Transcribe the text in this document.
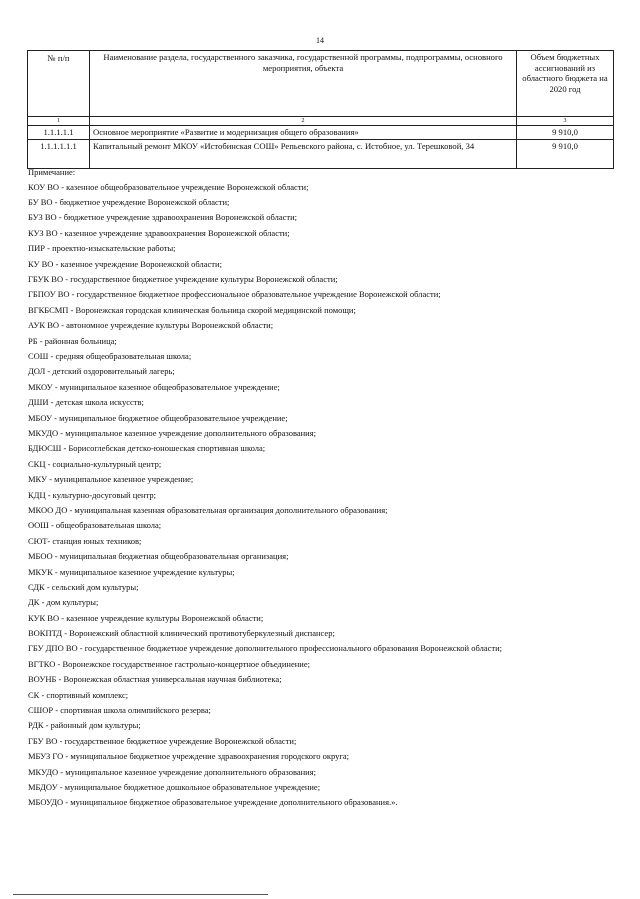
14
№ п/п	Наименование раздела, государственного заказчика, государственной программы, подпрограммы, основного мероприятия, объекта	Объем бюджетных ассигнований из областного бюджета на 2020 год
1	2	3
1.1.1.1.1	Основное мероприятие «Развитие и модернизация общего образования»	9 910,0
1.1.1.1.1.1	Капитальный ремонт МКОУ «Истобинская СОШ» Репьевского района, с. Истобное, ул. Терешковой, 34	9 910,0
Примечание:
КОУ ВО - казенное общеобразовательное учреждение Воронежской области;
БУ ВО - бюджетное учреждение Воронежской области;
БУЗ ВО - бюджетное учреждение здравоохранения Воронежской области;
КУЗ ВО - казенное учреждение здравоохранения Воронежской области;
ПИР - проектно-изыскательские работы;
КУ ВО - казенное учреждение Воронежской области;
ГБУК ВО - государственное бюджетное учреждение культуры Воронежской области;
ГБПОУ ВО - государственное бюджетное профессиональное образовательное учреждение Воронежской области;
ВГКБСМП - Воронежская городская клиническая больница скорой медицинской помощи;
АУК ВО - автономное учреждение культуры Воронежской области;
РБ - районная больница;
СОШ - средняя общеобразовательная школа;
ДОЛ - детский оздоровительный лагерь;
МКОУ - муниципальное казенное общеобразовательное учреждение;
ДШИ - детская школа искусств;
МБОУ - муниципальное бюджетное общеобразовательное учреждение;
МКУДО - муниципальное казенное учреждение дополнительного образования;
БДЮСШ - Борисоглебская детско-юношеская спортивная школа;
СКЦ - социально-культурный центр;
МКУ - муниципальное казенное учреждение;
КДЦ - культурно-досуговый центр;
МКОО ДО - муниципальная казенная образовательная организация дополнительного образования;
ООШ - общеобразовательная школа;
СЮТ- станция юных техников;
МБОО - муниципальная бюджетная общеобразовательная организация;
МКУК - муниципальное казенное учреждение культуры;
СДК - сельский дом культуры;
ДК - дом культуры;
КУК ВО - казенное учреждение культуры Воронежской области;
ВОКПТД - Воронежский областной клинический противотуберкулезный диспансер;
ГБУ ДПО ВО - государственное бюджетное учреждение дополнительного профессионального образования Воронежской области;
ВГТКО - Воронежское государственное гастрольно-концертное объединение;
ВОУНБ - Воронежская областная универсальная научная библиотека;
СК - спортивный комплекс;
СШОР - спортивная школа олимпийского резерва;
РДК - районный дом культуры;
ГБУ ВО - государственное бюджетное учреждение Воронежской области;
МБУЗ ГО - муниципальное бюджетное учреждение здравоохранения городского округа;
МКУДО - муниципальное казенное учреждение дополнительного образования;
МБДОУ - муниципальное бюджетное дошкольное образовательное учреждение;
МБОУДО - муниципальное бюджетное образовательное учреждение дополнительного образования.».
